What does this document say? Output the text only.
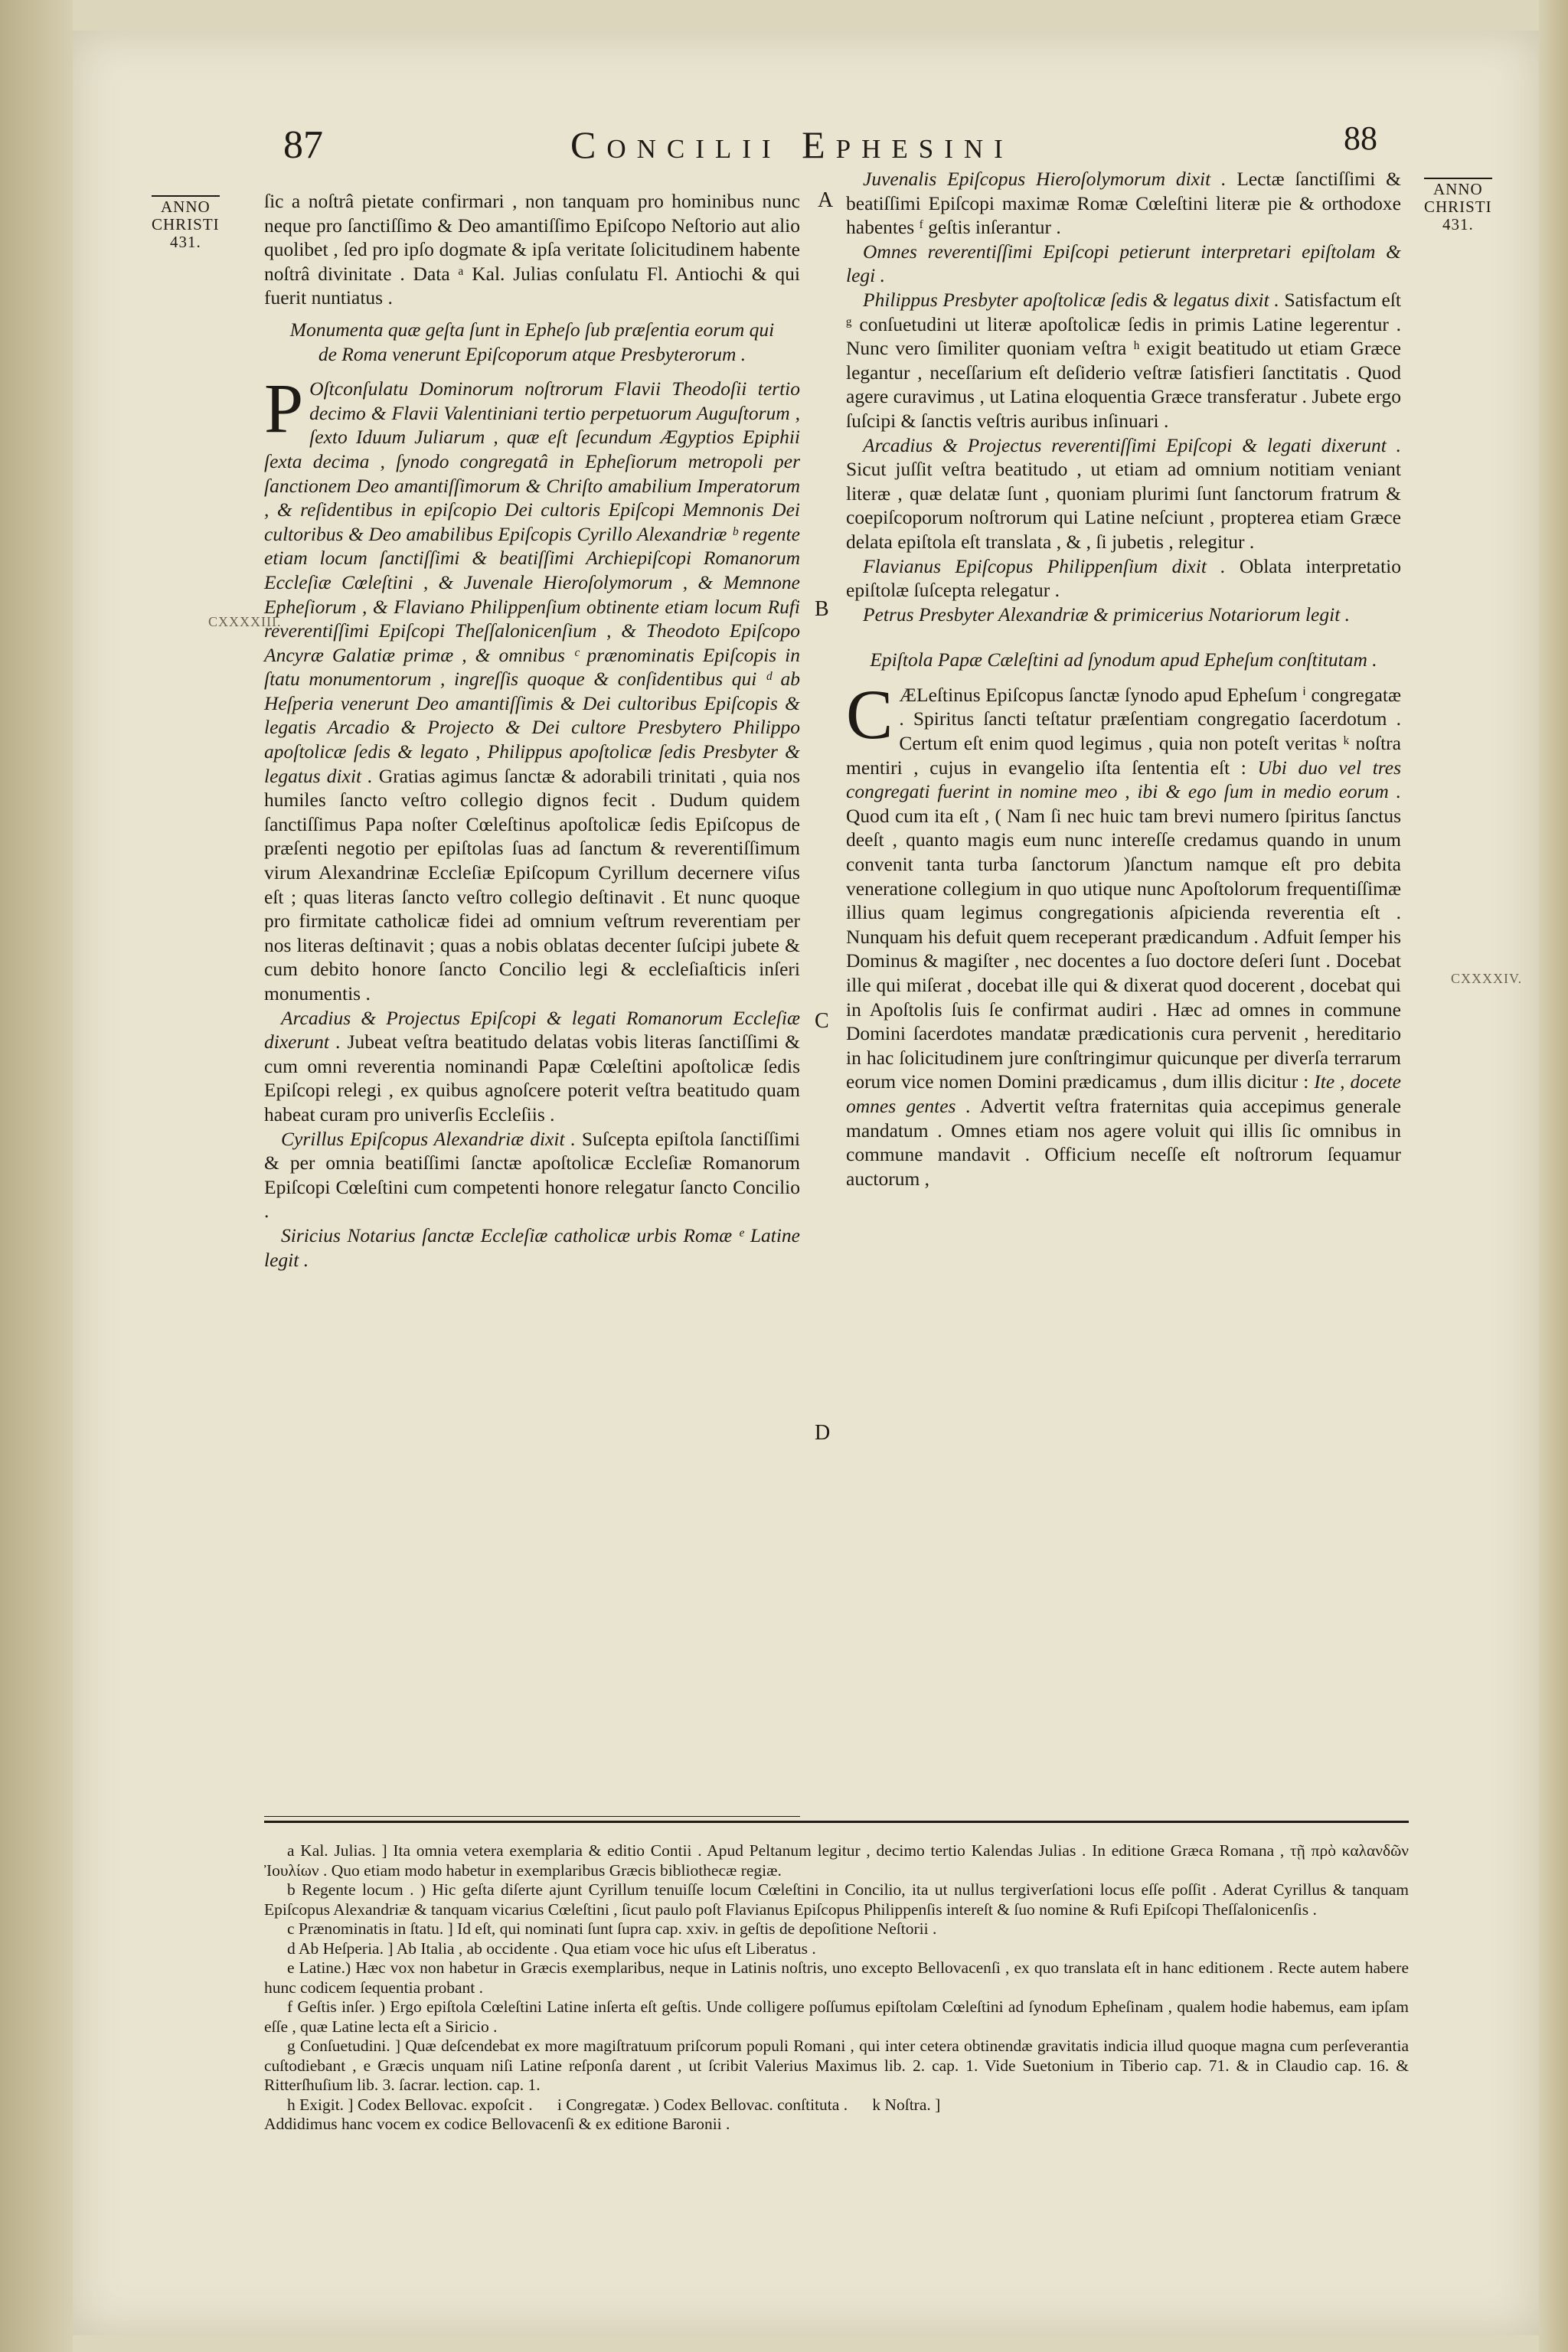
87	Concilii Ephesini	88
ANNO
CHRISTI
431.
ANNO
CHRISTI
431.
CXXXXIII.
CXXXXIV.
A
B
C
D

ſic a noſtrâ pietate confirmari , non tanquam pro hominibus nunc neque pro ſanctiſſimo & Deo amantiſſimo Epiſcopo Neſtorio aut alio quolibet , ſed pro ipſo dogmate & ipſa veritate ſolicitudinem habente noſtrâ divinitate . Data ᵃ Kal. Julias conſulatu Fl. Antiochi & qui fuerit nuntiatus .

Monumenta quæ geſta ſunt in Epheſo ſub præſentia eorum qui de Roma venerunt Epiſcoporum atque Presbyterorum .

P Oſtconſulatu Dominorum noſtrorum Flavii Theodoſii tertio decimo & Flavii Valentiniani tertio perpetuorum Auguſtorum , ſexto Iduum Juliarum , quæ eſt ſecundum Ægyptios Epiphii ſexta decima , ſynodo congregatâ in Epheſiorum metropoli per ſanctionem Deo amantiſſimorum & Chriſto amabilium Imperatorum , & reſidentibus in epiſcopio Dei cultoris Epiſcopi Memnonis Dei cultoribus & Deo amabilibus Epiſcopis Cyrillo Alexandriæ ᵇ regente etiam locum ſanctiſſimi & beatiſſimi Archiepiſcopi Romanorum Eccleſiæ Cœleſtini , & Juvenale Hieroſolymorum , & Memnone Epheſiorum , & Flaviano Philippenſium obtinente etiam locum Rufi reverentiſſimi Epiſcopi Theſſalonicenſium , & Theodoto Epiſcopo Ancyræ Galatiæ primæ , & omnibus ᶜ prænominatis Epiſcopis in ſtatu monumentorum , ingreſſis quoque & conſidentibus qui ᵈ ab Heſperia venerunt Deo amantiſſimis & Dei cultoribus Epiſcopis & legatis Arcadio & Projecto & Dei cultore Presbytero Philippo apoſtolicæ ſedis & legato , Philippus apoſtolicæ ſedis Presbyter & legatus dixit . Gratias agimus ſanctæ & adorabili trinitati , quia nos humiles ſancto veſtro collegio dignos fecit . Dudum quidem ſanctiſſimus Papa noſter Cœleſtinus apoſtolicæ ſedis Epiſcopus de præſenti negotio per epiſtolas ſuas ad ſanctum & reverentiſſimum virum Alexandrinæ Eccleſiæ Epiſcopum Cyrillum decernere viſus eſt ; quas literas ſancto veſtro collegio deſtinavit . Et nunc quoque pro firmitate catholicæ fidei ad omnium veſtrum reverentiam per nos literas deſtinavit ; quas a nobis oblatas decenter ſuſcipi jubete & cum debito honore ſancto Concilio legi & eccleſiaſticis inſeri monumentis .

Arcadius & Projectus Epiſcopi & legati Romanorum Eccleſiæ dixerunt . Jubeat veſtra beatitudo delatas vobis literas ſanctiſſimi & cum omni reverentia nominandi Papæ Cœleſtini apoſtolicæ ſedis Epiſcopi relegi , ex quibus agnoſcere poterit veſtra beatitudo quam habeat curam pro univerſis Eccleſiis .

Cyrillus Epiſcopus Alexandriæ dixit . Suſcepta epiſtola ſanctiſſimi & per omnia beatiſſimi ſanctæ apoſtolicæ Eccleſiæ Romanorum Epiſcopi Cœleſtini cum competenti honore relegatur ſancto Concilio .

Siricius Notarius ſanctæ Eccleſiæ catholicæ urbis Romæ ᵉ Latine legit .

Juvenalis Epiſcopus Hieroſolymorum dixit . Lectæ ſanctiſſimi & beatiſſimi Epiſcopi maximæ Romæ Cœleſtini literæ pie & orthodoxe habentes ᶠ geſtis inſerantur .

Omnes reverentiſſimi Epiſcopi petierunt interpretari epiſtolam & legi .

Philippus Presbyter apoſtolicæ ſedis & legatus dixit . Satisfactum eſt ᵍ conſuetudini ut literæ apoſtolicæ ſedis in primis Latine legerentur . Nunc vero ſimiliter quoniam veſtra ʰ exigit beatitudo ut etiam Græce legantur , neceſſarium eſt deſiderio veſtræ ſatisfieri ſanctitatis . Quod agere curavimus , ut Latina eloquentia Græce transferatur . Jubete ergo ſuſcipi & ſanctis veſtris auribus inſinuari .

Arcadius & Projectus reverentiſſimi Epiſcopi & legati dixerunt . Sicut juſſit veſtra beatitudo , ut etiam ad omnium notitiam veniant literæ , quæ delatæ ſunt , quoniam plurimi ſunt ſanctorum fratrum & coepiſcoporum noſtrorum qui Latine neſciunt , propterea etiam Græce delata epiſtola eſt translata , & , ſi jubetis , relegitur .

Flavianus Epiſcopus Philippenſium dixit . Oblata interpretatio epiſtolæ ſuſcepta relegatur .

Petrus Presbyter Alexandriæ & primicerius Notariorum legit .

Epiſtola Papæ Cæleſtini ad ſynodum apud Epheſum conſtitutam .

C ÆLeſtinus Epiſcopus ſanctæ ſynodo apud Epheſum ⁱ congregatæ . Spiritus ſancti teſtatur præſentiam congregatio ſacerdotum . Certum eſt enim quod legimus , quia non poteſt veritas ᵏ noſtra mentiri , cujus in evangelio iſta ſententia eſt : Ubi duo vel tres congregati fuerint in nomine meo , ibi & ego ſum in medio eorum . Quod cum ita eſt , ( Nam ſi nec huic tam brevi numero ſpiritus ſanctus deeſt , quanto magis eum nunc intereſſe credamus quando in unum convenit tanta turba ſanctorum )ſanctum namque eſt pro debita veneratione collegium in quo utique nunc Apoſtolorum frequentiſſimæ illius quam legimus congregationis aſpicienda reverentia eſt . Nunquam his defuit quem receperant prædicandum . Adfuit ſemper his Dominus & magiſter , nec docentes a ſuo doctore deſeri ſunt . Docebat ille qui miſerat , docebat ille qui & dixerat quod docerent , docebat qui in Apoſtolis ſuis ſe confirmat audiri . Hæc ad omnes in commune Domini ſacerdotes mandatæ prædicationis cura pervenit , hereditario in hac ſolicitudinem jure conſtringimur quicunque per diverſa terrarum eorum vice nomen Domini prædicamus , dum illis dicitur : Ite , docete omnes gentes . Advertit veſtra fraternitas quia accepimus generale mandatum . Omnes etiam nos agere voluit qui illis ſic omnibus in commune mandavit . Officium neceſſe eſt noſtrorum ſequamur auctorum ,

a Kal. Julias. ] Ita omnia vetera exemplaria & editio Contii . Apud Peltanum legitur , decimo tertio Kalendas Julias . In editione Græca Romana , τῇ πρὸ καλανδῶν Ἰουλίων . Quo etiam modo habetur in exemplaribus Græcis bibliothecæ regiæ.

b Regente locum . ) Hic geſta diſerte ajunt Cyrillum tenuiſſe locum Cœleſtini in Concilio, ita ut nullus tergiverſationi locus eſſe poſſit . Aderat Cyrillus & tanquam Epiſcopus Alexandriæ & tanquam vicarius Cœleſtini , ſicut paulo poſt Flavianus Epiſcopus Philippenſis intereſt & ſuo nomine & Rufi Epiſcopi Theſſalonicenſis .

c Prænominatis in ſtatu. ] Id eſt, qui nominati ſunt ſupra cap. xxiv. in geſtis de depoſitione Neſtorii .

d Ab Heſperia. ] Ab Italia , ab occidente . Qua etiam voce hic uſus eſt Liberatus .

e Latine.) Hæc vox non habetur in Græcis exemplaribus, neque in Latinis noſtris, uno excepto Bellovacenſi , ex quo translata eſt in hanc editionem . Recte autem habere hunc codicem ſequentia probant .

f Geſtis inſer. ) Ergo epiſtola Cœleſtini Latine inſerta eſt geſtis. Unde colligere poſſumus epiſtolam Cœleſtini ad ſynodum Epheſinam , qualem hodie habemus, eam ipſam eſſe , quæ Latine lecta eſt a Siricio .

g Conſuetudini. ] Quæ deſcendebat ex more magiſtratuum priſcorum populi Romani , qui inter cetera obtinendæ gravitatis indicia illud quoque magna cum perſeverantia cuſtodiebant , e Græcis unquam niſi Latine reſponſa darent , ut ſcribit Valerius Maximus lib. 2. cap. 1. Vide Suetonium in Tiberio cap. 71. & in Claudio cap. 16. & Ritterſhuſium lib. 3. ſacrar. lection. cap. 1.

h Exigit. ] Codex Bellovac. expoſcit . i Congregatæ. ) Codex Bellovac. conſtituta . k Noſtra. ]

Addidimus hanc vocem ex codice Bellovacenſi & ex editione Baronii .
